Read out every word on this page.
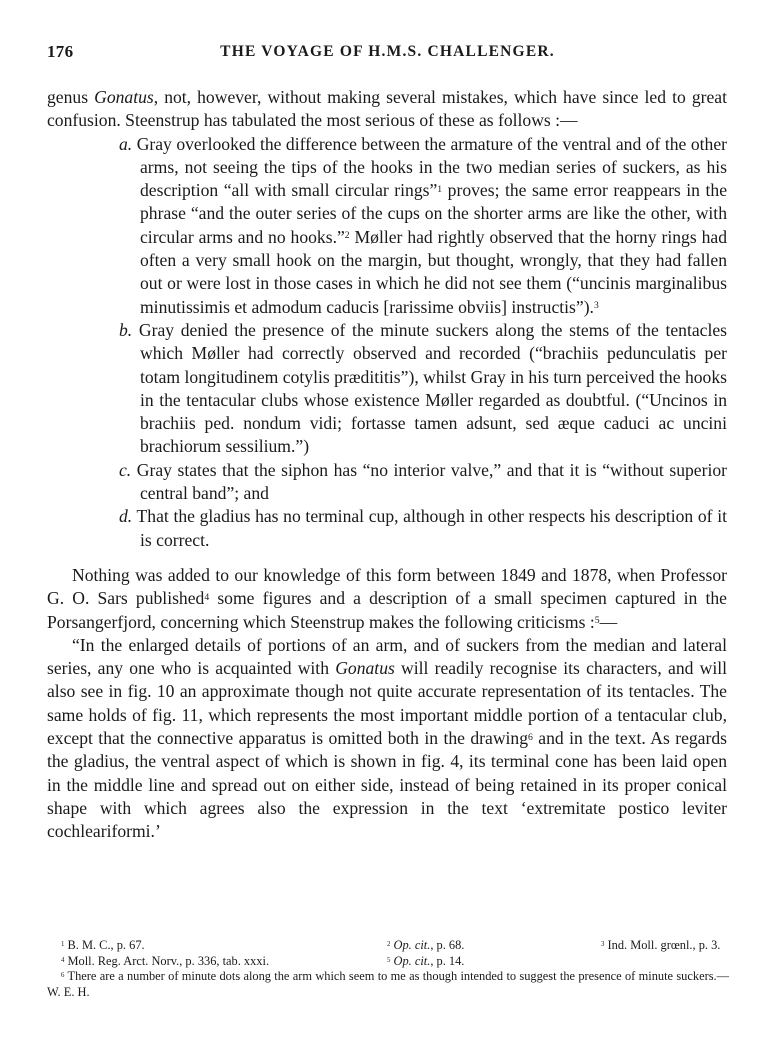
176	THE VOYAGE OF H.M.S. CHALLENGER.

genus Gonatus, not, however, without making several mistakes, which have since led to great confusion. Steenstrup has tabulated the most serious of these as follows :—

a. Gray overlooked the difference between the armature of the ventral and of the other arms, not seeing the tips of the hooks in the two median series of suckers, as his description “all with small circular rings”$^1$ proves; the same error reappears in the phrase “and the outer series of the cups on the shorter arms are like the other, with circular arms and no hooks.”$^2$ Møller had rightly observed that the horny rings had often a very small hook on the margin, but thought, wrongly, that they had fallen out or were lost in those cases in which he did not see them (“uncinis marginalibus minutissimis et admodum caducis [rarissime obviis] instructis”).$^3$
b. Gray denied the presence of the minute suckers along the stems of the tentacles which Møller had correctly observed and recorded (“brachiis pedunculatis per totam longitudinem cotylis prædititis”), whilst Gray in his turn perceived the hooks in the tentacular clubs whose existence Møller regarded as doubtful. (“Uncinos in brachiis ped. nondum vidi; fortasse tamen adsunt, sed æque caduci ac uncini brachiorum sessilium.”)
c. Gray states that the siphon has “no interior valve,” and that it is “without superior central band”; and
d. That the gladius has no terminal cup, although in other respects his description of it is correct.

Nothing was added to our knowledge of this form between 1849 and 1878, when Professor G. O. Sars published$^4$ some figures and a description of a small specimen captured in the Porsangerfjord, concerning which Steenstrup makes the following criticisms :$^5$—

“In the enlarged details of portions of an arm, and of suckers from the median and lateral series, any one who is acquainted with Gonatus will readily recognise its characters, and will also see in fig. 10 an approximate though not quite accurate representation of its tentacles. The same holds of fig. 11, which represents the most important middle portion of a tentacular club, except that the connective apparatus is omitted both in the drawing$^6$ and in the text. As regards the gladius, the ventral aspect of which is shown in fig. 4, its terminal cone has been laid open in the middle line and spread out on either side, instead of being retained in its proper conical shape with which agrees also the expression in the text ‘extremitate postico leviter cochleariformi.’

$^1$ B. M. C., p. 67.	$^2$ Op. cit., p. 68.	$^3$ Ind. Moll. grœnl., p. 3.
$^4$ Moll. Reg. Arct. Norv., p. 336, tab. xxxi.	$^5$ Op. cit., p. 14.
$^6$ There are a number of minute dots along the arm which seem to me as though intended to suggest the presence of minute suckers.—W. E. H.
